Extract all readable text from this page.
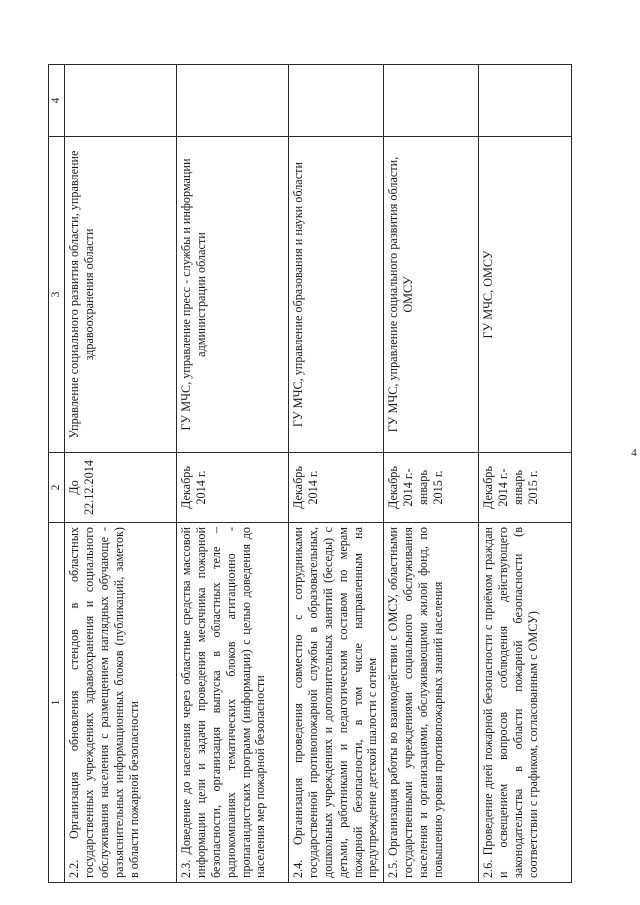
4
1	2	3	4
2.2. Организация обновления стендов в областных государственных учреждениях здравоохранения и социального обслуживания населения с размещением наглядных обучающе - разъяснительных информационных блоков (публикаций, заметок) в области пожарной безопасности	До 22.12.2014	Управление социального развития области, управление здравоохранения области	
2.3. Доведение до населения через областные средства массовой информации цели и задачи проведения месячника пожарной безопасности, организация выпуска в областных теле – радиокомпаниях тематических блоков агитационно - пропагандистских программ (информации) с целью доведения до населения мер пожарной безопасности	Декабрь 2014 г.	ГУ МЧС, управление пресс - службы и информации администрации области	
2.4. Организация проведения совместно с сотрудниками государственной противопожарной службы в образовательных, дошкольных учреждениях и дополнительных занятий (беседы) с детьми, работниками и педагогическим составом по мерам пожарной безопасности, в том числе направленным на предупреждение детской шалости с огнем	Декабрь 2014 г.	ГУ МЧС, управление образования и науки области	
2.5. Организация работы во взаимодействии с ОМСУ, областными государственными учреждениями социального обслуживания населения и организациями, обслуживающими жилой фонд, по повышению уровня противопожарных знаний населения	Декабрь 2014 г.- январь 2015 г.	ГУ МЧС, управление социального развития области, ОМСУ	
2.6. Проведение дней пожарной безопасности с приёмом граждан и освещением вопросов соблюдения действующего законодательства в области пожарной безопасности (в соответствии с графиком, согласованным с ОМСУ)	Декабрь 2014 г.- январь 2015 г.	ГУ МЧС, ОМСУ	
